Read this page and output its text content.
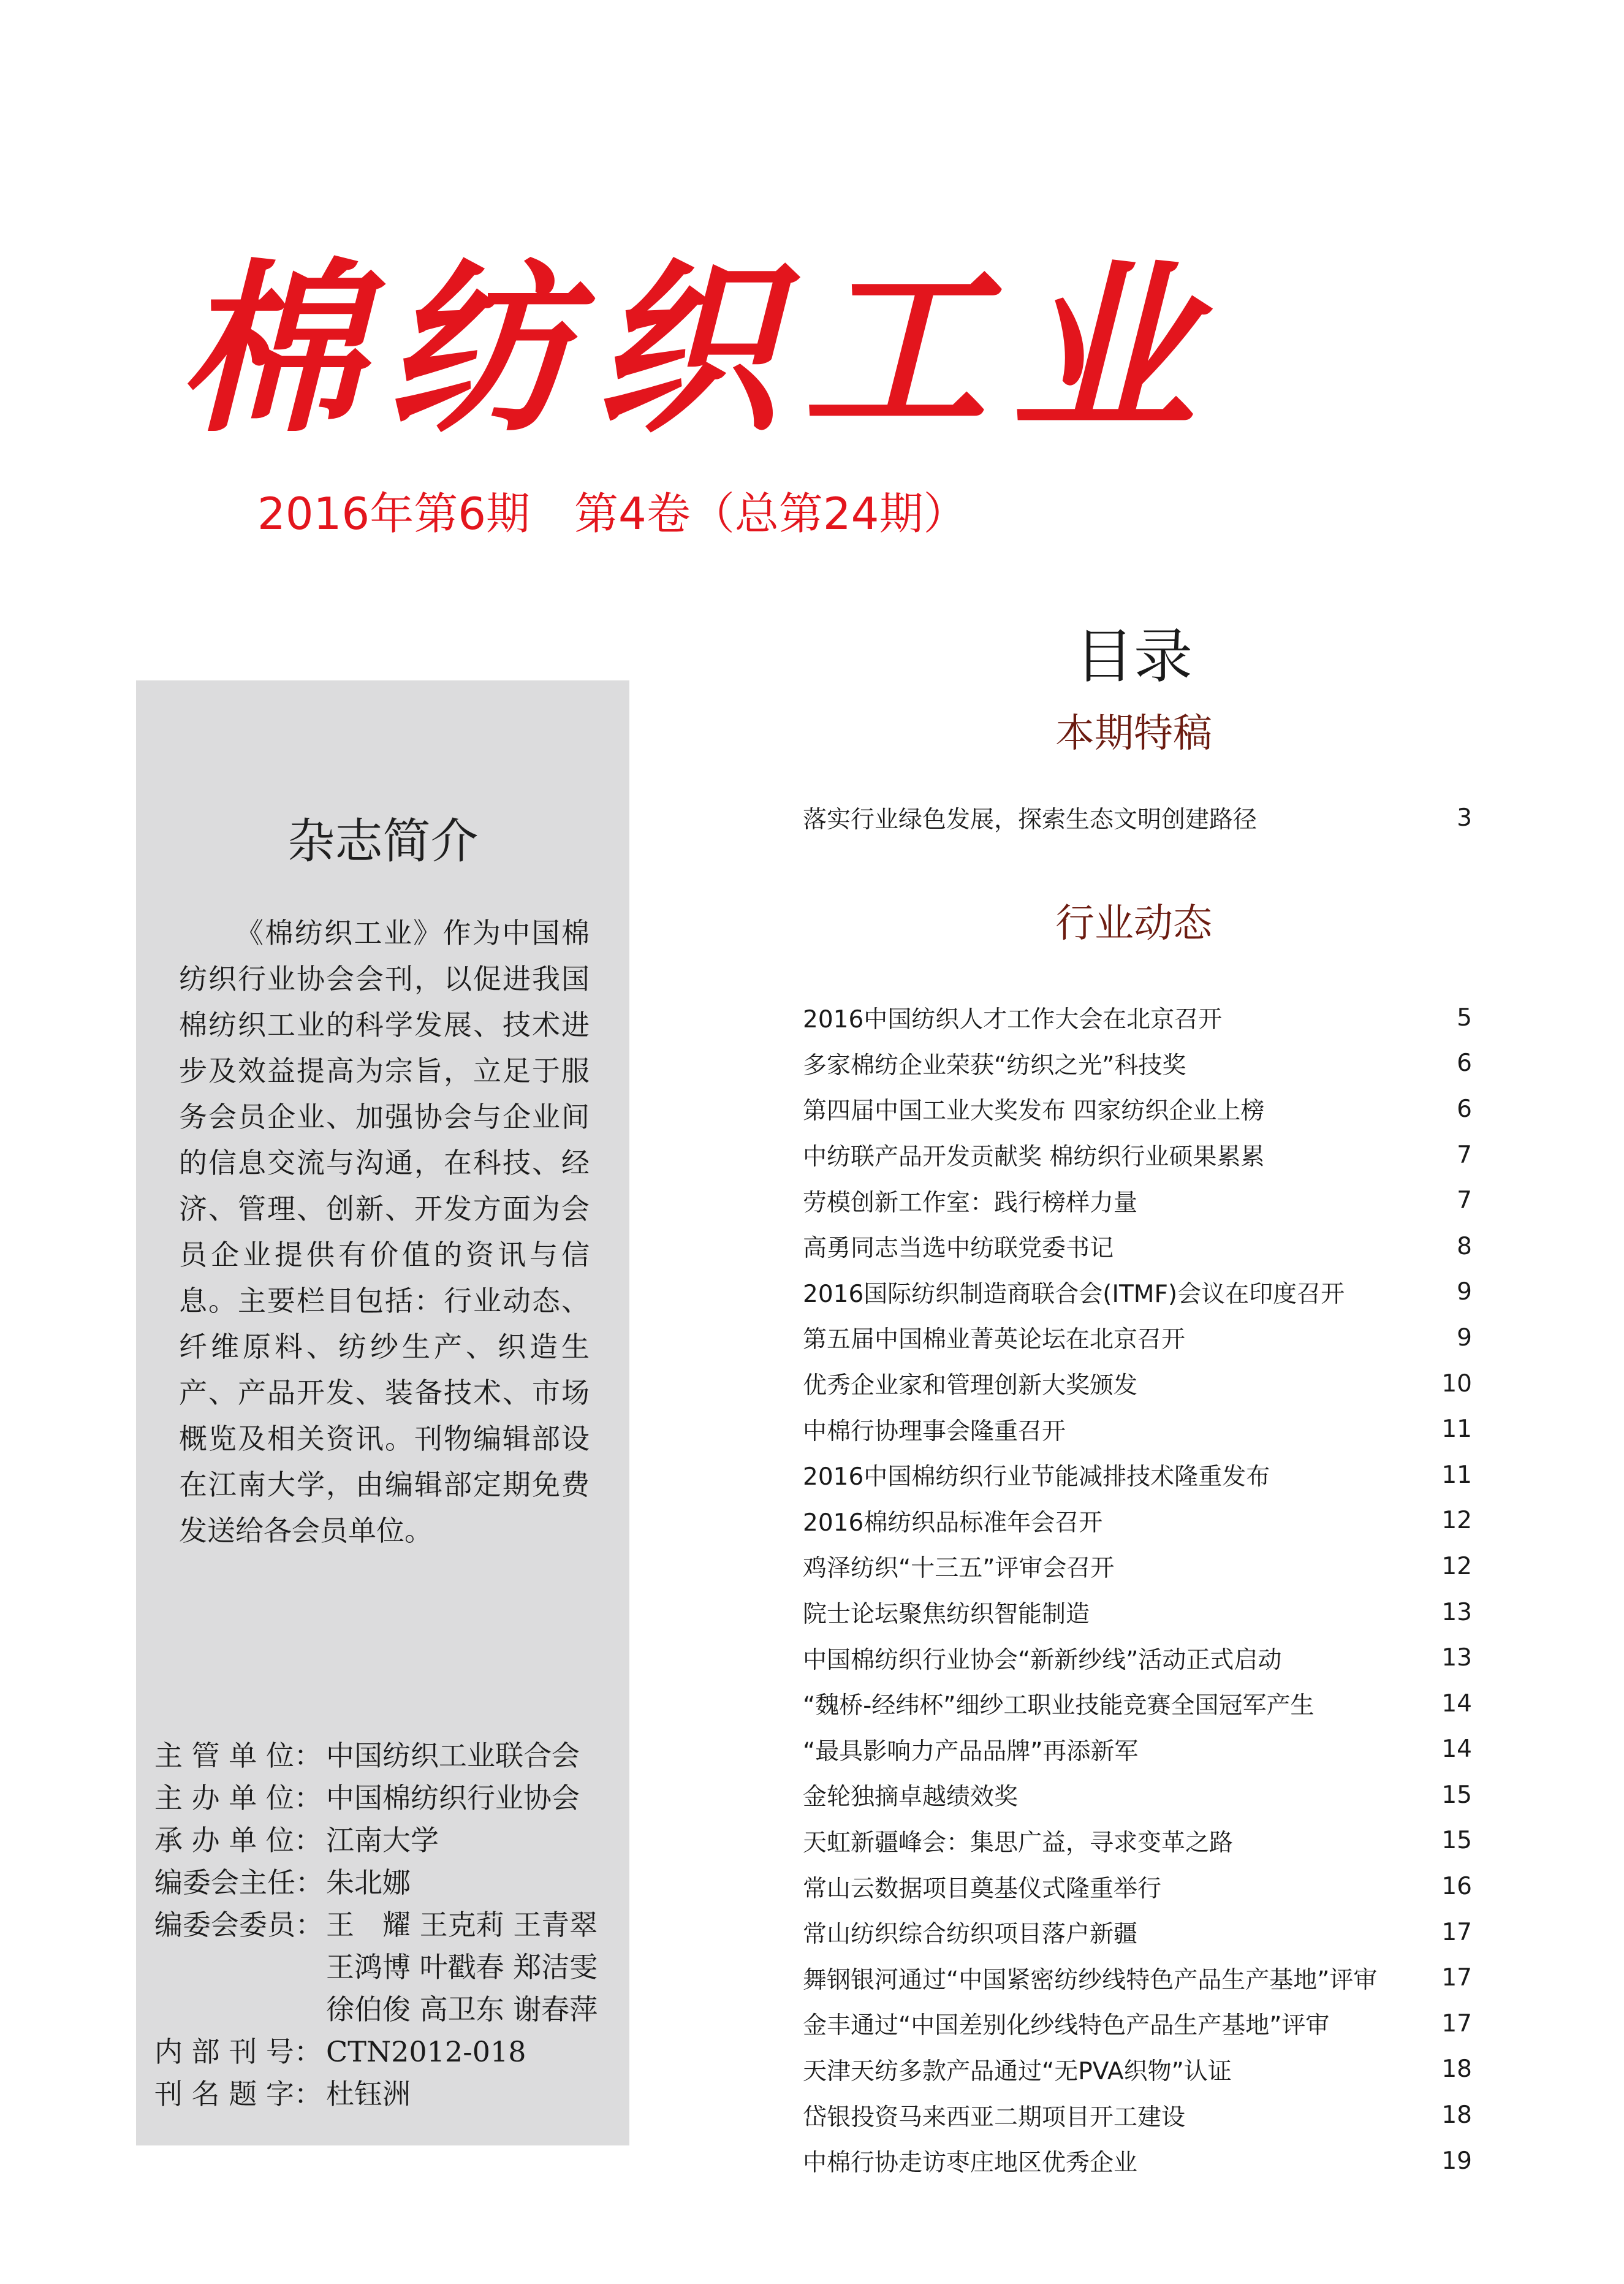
棉纺织工业
2016年第6期　第4卷（总第24期）
杂志简介

《棉纺织工业》作为中国棉纺织行业协会会刊，以促进我国棉纺织工业的科学发展、技术进步及效益提高为宗旨，立足于服务会员企业、加强协会与企业间的信息交流与沟通，在科技、经济、管理、创新、开发方面为会员企业提供有价值的资讯与信息。主要栏目包括：行业动态、纤维原料、纺纱生产、织造生产、产品开发、装备技术、市场概览及相关资讯。刊物编辑部设在江南大学，由编辑部定期免费发送给各会员单位。

主 管 单 位： 中国纺织工业联合会
主 办 单 位： 中国棉纺织行业协会
承 办 单 位： 江南大学
编委会主任： 朱北娜
编委会委员： 王　耀 王克莉 王青翠
王鸿博 叶戳春 郑洁雯
徐伯俊 高卫东 谢春萍
内 部 刊 号： CTN2012-018
刊 名 题 字： 杜钰洲
目录
本期特稿
落实行业绿色发展，探索生态文明创建路径	3
行业动态
2016中国纺织人才工作大会在北京召开	5
多家棉纺企业荣获“纺织之光”科技奖	6
第四届中国工业大奖发布 四家纺织企业上榜	6
中纺联产品开发贡献奖 棉纺织行业硕果累累	7
劳模创新工作室：践行榜样力量	7
高勇同志当选中纺联党委书记	8
2016国际纺织制造商联合会(ITMF)会议在印度召开	9
第五届中国棉业菁英论坛在北京召开	9
优秀企业家和管理创新大奖颁发	10
中棉行协理事会隆重召开	11
2016中国棉纺织行业节能减排技术隆重发布	11
2016棉纺织品标准年会召开	12
鸡泽纺织“十三五”评审会召开	12
院士论坛聚焦纺织智能制造	13
中国棉纺织行业协会“新新纱线”活动正式启动	13
“魏桥-经纬杯”细纱工职业技能竞赛全国冠军产生	14
“最具影响力产品品牌”再添新军	14
金轮独摘卓越绩效奖	15
天虹新疆峰会：集思广益，寻求变革之路	15
常山云数据项目奠基仪式隆重举行	16
常山纺织综合纺织项目落户新疆	17
舞钢银河通过“中国紧密纺纱线特色产品生产基地”评审	17
金丰通过“中国差别化纱线特色产品生产基地”评审	17
天津天纺多款产品通过“无PVA织物”认证	18
岱银投资马来西亚二期项目开工建设	18
中棉行协走访枣庄地区优秀企业	19
